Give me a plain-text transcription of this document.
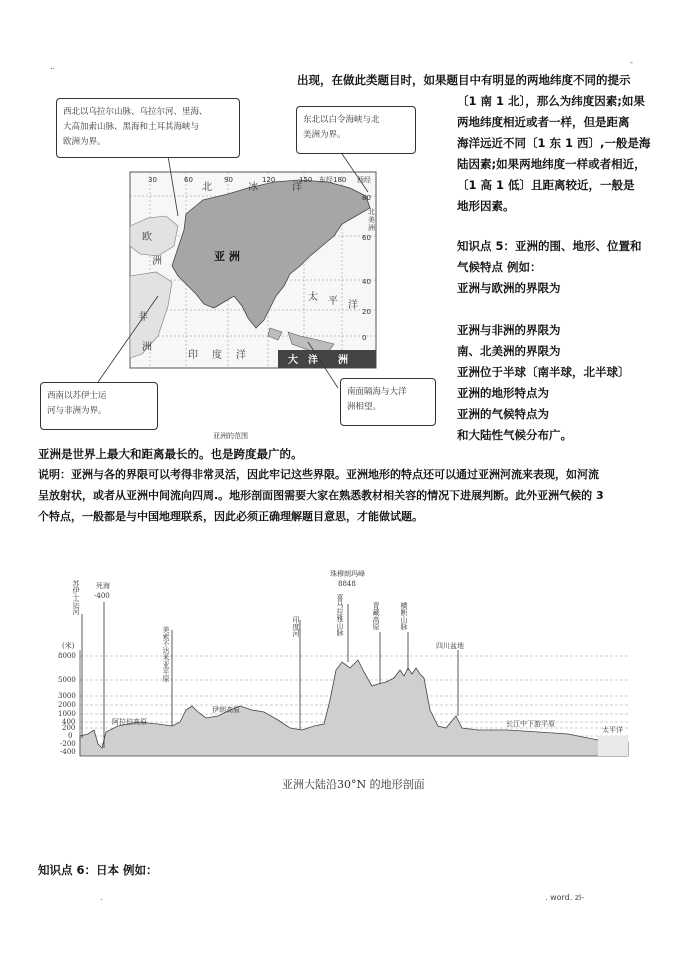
..	-
.	. word. zl-
出现，在做此类题目时，如果题目中有明显的两地纬度不同的提示
〔1 南 1 北〕，那么为纬度因素;如果
两地纬度相近或者一样，但是距离
海洋远近不同〔1 东 1 西〕,一般是海
陆因素;如果两地纬度一样或者相近，
〔1 高 1 低〕且距离较近，一般是
地形因素。
知识点 5：亚洲的围、地形、位置和
气候特点 例如：
亚洲与欧洲的界限为
亚洲与非洲的界限为
南、北美洲的界限为
亚洲位于半球〔南半球，北半球〕
亚洲的地形特点为
亚洲的气候特点为
和大陆性气候分布广。
30	60	90	120	150 东经180 西经
80
60
40
20
0
亚 洲
北	冰	洋
欧
洲
非
洲
太 平 洋
印 度 洋	大 洋 洲
北
美
洲
亚洲的范围
西北以乌拉尔山脉、乌拉尔河、里海、
大高加索山脉、黑海和土耳其海峡与
欧洲为界。
东北以白令海峡与北
美洲为界。
西南以苏伊士运
河与非洲为界。
南面隔海与大洋
洲相望。
亚洲是世界上最大和距离最长的。也是跨度最广的。
说明：亚洲与各的界限可以考得非常灵活，因此牢记这些界限。亚洲地形的特点还可以通过亚洲河流来表现，如河流
呈放射状，或者从亚洲中间流向四周.。地形剖面图需要大家在熟悉教材相关容的情况下进展判断。此外亚洲气候的 3
个特点，一般都是与中国地理联系，因此必须正确理解题目意思，才能做试题。
(米)
8000
5000
3000
2000
1000
400
200
0
-200
-400
苏伊士运河 死海
-400
美索不达米亚平原	印度河
珠穆朗玛峰
8848
喜马拉雅山脉	青藏高原	横断山脉
四川盆地
阿拉伯高原
伊朗高原
长江中下游平原
太平洋
亚洲大陆沿30°N 的地形剖面
知识点 6：日本 例如：
